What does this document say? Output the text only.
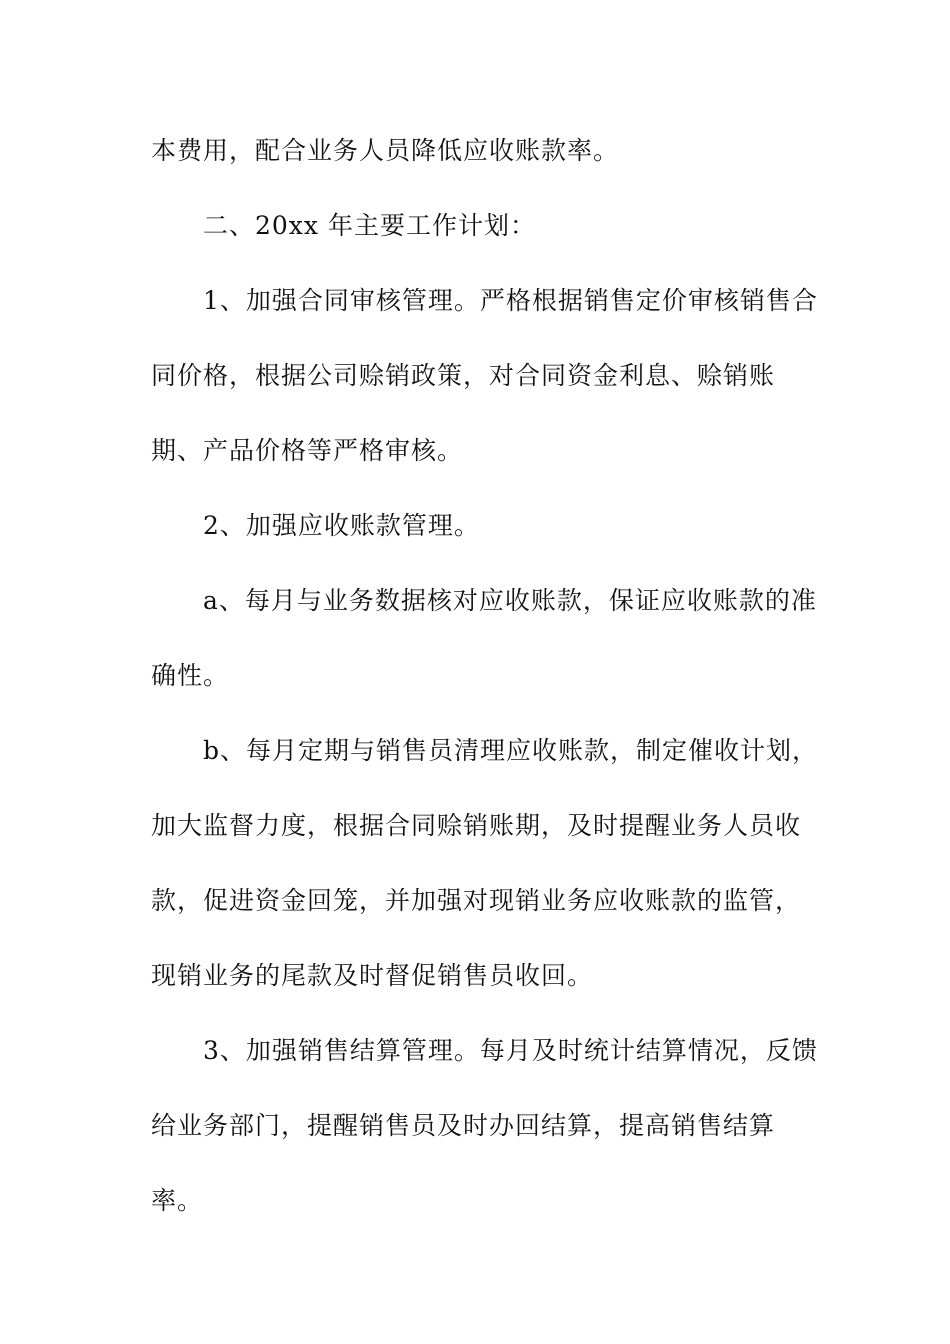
本费用，配合业务人员降低应收账款率。
二、20xx 年主要工作计划：
1、加强合同审核管理。严格根据销售定价审核销售合
同价格，根据公司赊销政策，对合同资金利息、赊销账
期、产品价格等严格审核。
2、加强应收账款管理。
a、每月与业务数据核对应收账款，保证应收账款的准
确性。
b、每月定期与销售员清理应收账款，制定催收计划，
加大监督力度，根据合同赊销账期，及时提醒业务人员收
款，促进资金回笼，并加强对现销业务应收账款的监管，
现销业务的尾款及时督促销售员收回。
3、加强销售结算管理。每月及时统计结算情况，反馈
给业务部门，提醒销售员及时办回结算，提高销售结算
率。
